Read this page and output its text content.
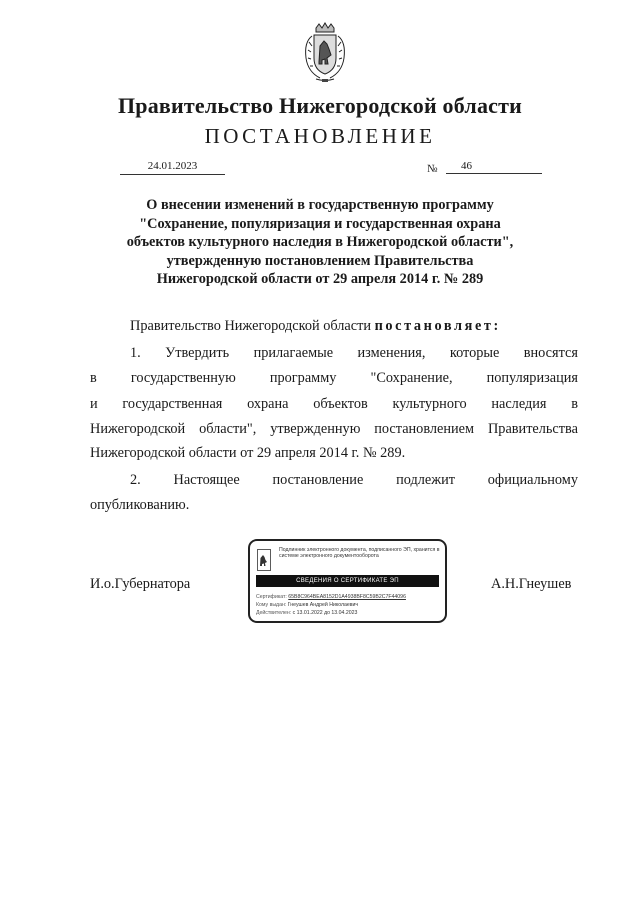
Правительство Нижегородской области
ПОСТАНОВЛЕНИЕ
24.01.2023	№	46
О внесении изменений в государственную программу
"Сохранение, популяризация и государственная охрана
объектов культурного наследия в Нижегородской области",
утвержденную постановлением Правительства
Нижегородской области от 29 апреля 2014 г. № 289
Правительство Нижегородской области постановляет:
1. Утвердить прилагаемые изменения, которые вносятся
в государственную программу "Сохранение, популяризация
и государственная охрана объектов культурного наследия в
Нижегородской области", утвержденную постановлением Правительства
Нижегородской области от 29 апреля 2014 г. № 289.
2. Настоящее постановление подлежит официальному
опубликованию.
И.о.Губернатора	А.Н.Гнеушев
Подлинник электронного документа, подписанного ЭП, хранится в системе электронного документооборота
СВЕДЕНИЯ О СЕРТИФИКАТЕ ЭП
Сертификат: 65B8C964BEA8152D1A4938BF8C59B2C7F44096
Кому выдан: Гнеушев Андрей Николаевич
Действителен: с 13.01.2022 до 13.04.2023
